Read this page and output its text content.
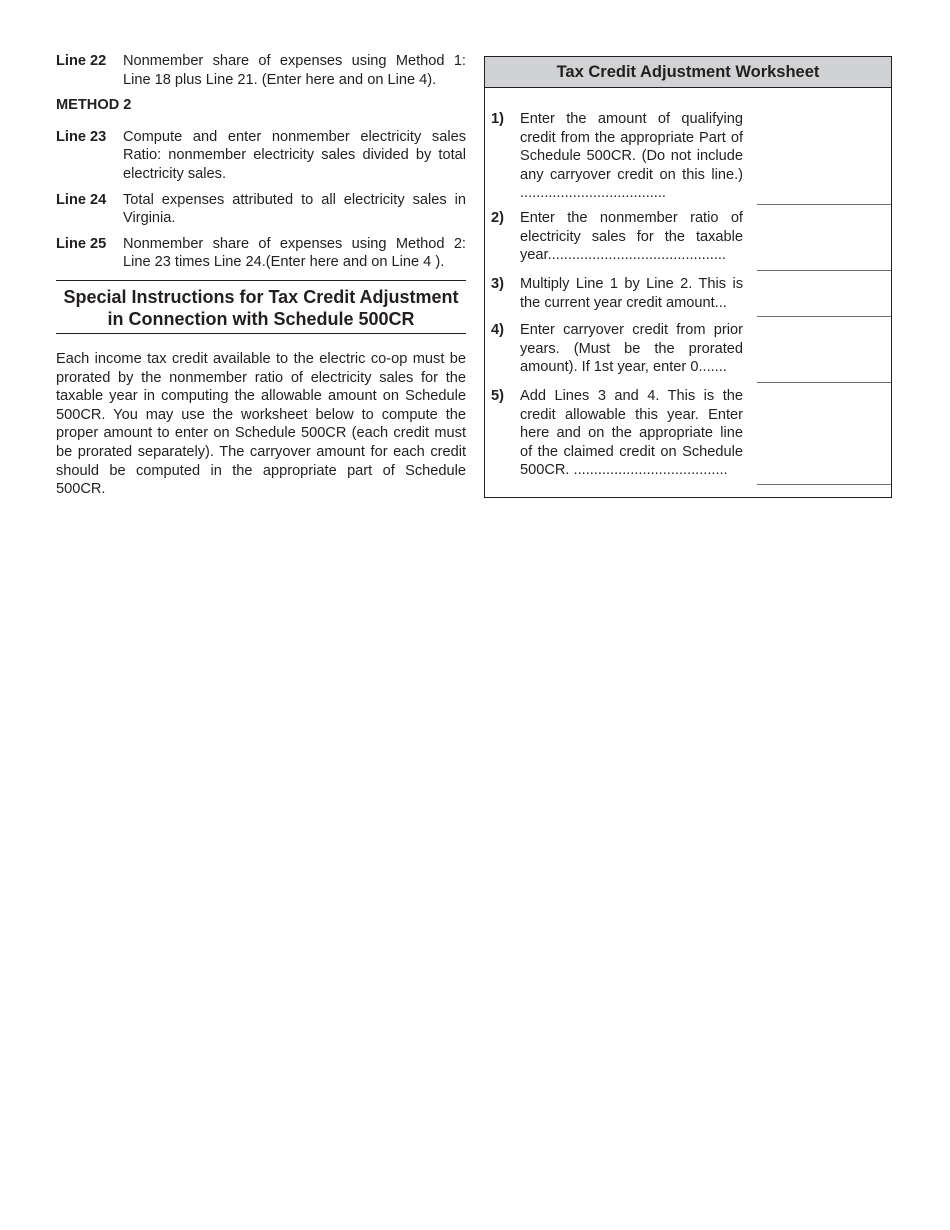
Line 22	Nonmember share of expenses using Method 1: Line 18 plus Line 21. (Enter here and on Line 4).
METHOD 2
Line 23	Compute and enter nonmember electricity sales Ratio: nonmember electricity sales divided by total electricity sales.
Line 24	Total expenses attributed to all electricity sales in Virginia.
Line 25	Nonmember share of expenses using Method 2: Line 23 times Line 24.(Enter here and on Line 4 ).
Special Instructions for Tax Credit Adjustment
in Connection with Schedule 500CR
Each income tax credit available to the electric co-op must be prorated by the nonmember ratio of electricity sales for the taxable year in computing the allowable amount on Schedule 500CR. You may use the worksheet below to compute the proper amount to enter on Schedule 500CR (each credit must be prorated separately). The carryover amount for each credit should be computed in the appropriate part of Schedule 500CR.
Tax Credit Adjustment Worksheet
1)	Enter the amount of qualifying credit from the appropriate Part of Schedule 500CR. (Do not include any carryover credit on this line.) ....................................
2)	Enter the nonmember ratio of electricity sales for the taxable year............................................
3)	Multiply Line 1 by Line 2. This is the current year credit amount...
4)	Enter carryover credit from prior years. (Must be the prorated amount). If 1st year, enter 0.......
5)	Add Lines 3 and 4. This is the credit allowable this year. Enter here and on the appropriate line of the claimed credit on Schedule 500CR. ......................................
